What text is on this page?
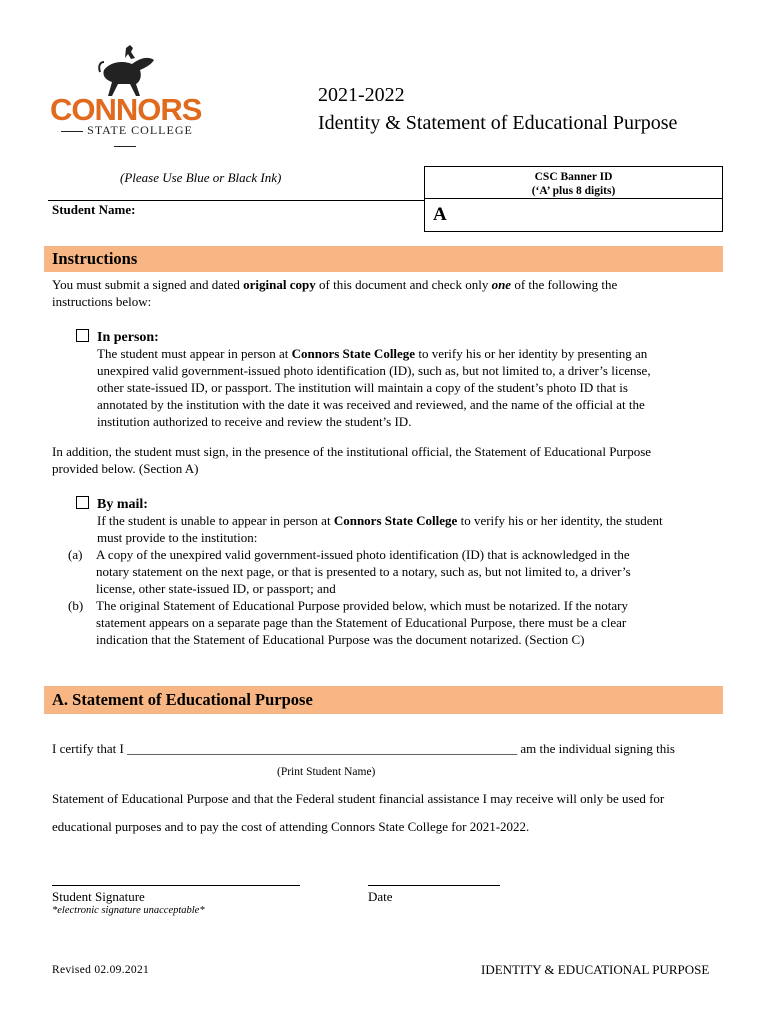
CONNORS
STATE COLLEGE
2021-2022
Identity & Statement of Educational Purpose
(Please Use Blue or Black Ink)	CSC Banner ID
(‘A’ plus 8 digits)
A
Student Name:
Instructions
You must submit a signed and dated original copy of this document and check only one of the following the
instructions below:
In person:
The student must appear in person at Connors State College to verify his or her identity by presenting an
unexpired valid government-issued photo identification (ID), such as, but not limited to, a driver’s license,
other state-issued ID, or passport. The institution will maintain a copy of the student’s photo ID that is
annotated by the institution with the date it was received and reviewed, and the name of the official at the
institution authorized to receive and review the student’s ID.
In addition, the student must sign, in the presence of the institutional official, the Statement of Educational Purpose
provided below. (Section A)
By mail:
If the student is unable to appear in person at Connors State College to verify his or her identity, the student
must provide to the institution:
(a) A copy of the unexpired valid government-issued photo identification (ID) that is acknowledged in the
notary statement on the next page, or that is presented to a notary, such as, but not limited to, a driver’s
license, other state-issued ID, or passport; and
(b) The original Statement of Educational Purpose provided below, which must be notarized. If the notary
statement appears on a separate page than the Statement of Educational Purpose, there must be a clear
indication that the Statement of Educational Purpose was the document notarized. (Section C)
A. Statement of Educational Purpose
I certify that I ____________________________________________________________ am the individual signing this
(Print Student Name)
Statement of Educational Purpose and that the Federal student financial assistance I may receive will only be used for
educational purposes and to pay the cost of attending Connors State College for 2021-2022.
Student Signature
*electronic signature unacceptable*
Date
Revised 02.09.2021	IDENTITY & EDUCATIONAL PURPOSE
